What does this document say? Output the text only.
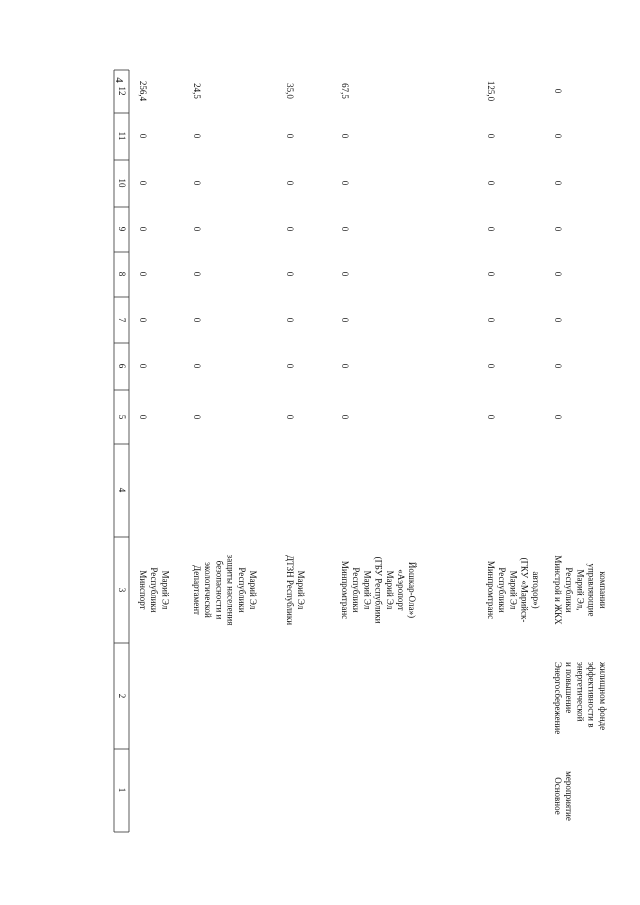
4
1
2
3
4
5
6
7
8
9
10
11
12
Минспорт Республики Марий Эл
0
0
0
0
0
0
0
256,4
Департамент экологической безопасности и защиты населения Республики Марий Эл
0
0
0
0
0
0
0
24,5
ДТЗН Республики Марий Эл
0
0
0
0
0
0
0
35,0
Минпромтранс Республики Марий Эл (ГБУ Республики Марий Эл «Аэропорт Йошкар-Ола»)
0
0
0
0
0
0
0
67,5
Минпромтранс Республики Марий Эл (ГКУ «Марийск- автодор»)
0
0
0
0
0
0
0
125,0
Основное мероприятие
Энергосбережение и повышение энергетической эффективности в жилищном фонде
Минстрой и ЖКХ Республики Марий Эл, управляющие компании
0
0
0
0
0
0
0
0
